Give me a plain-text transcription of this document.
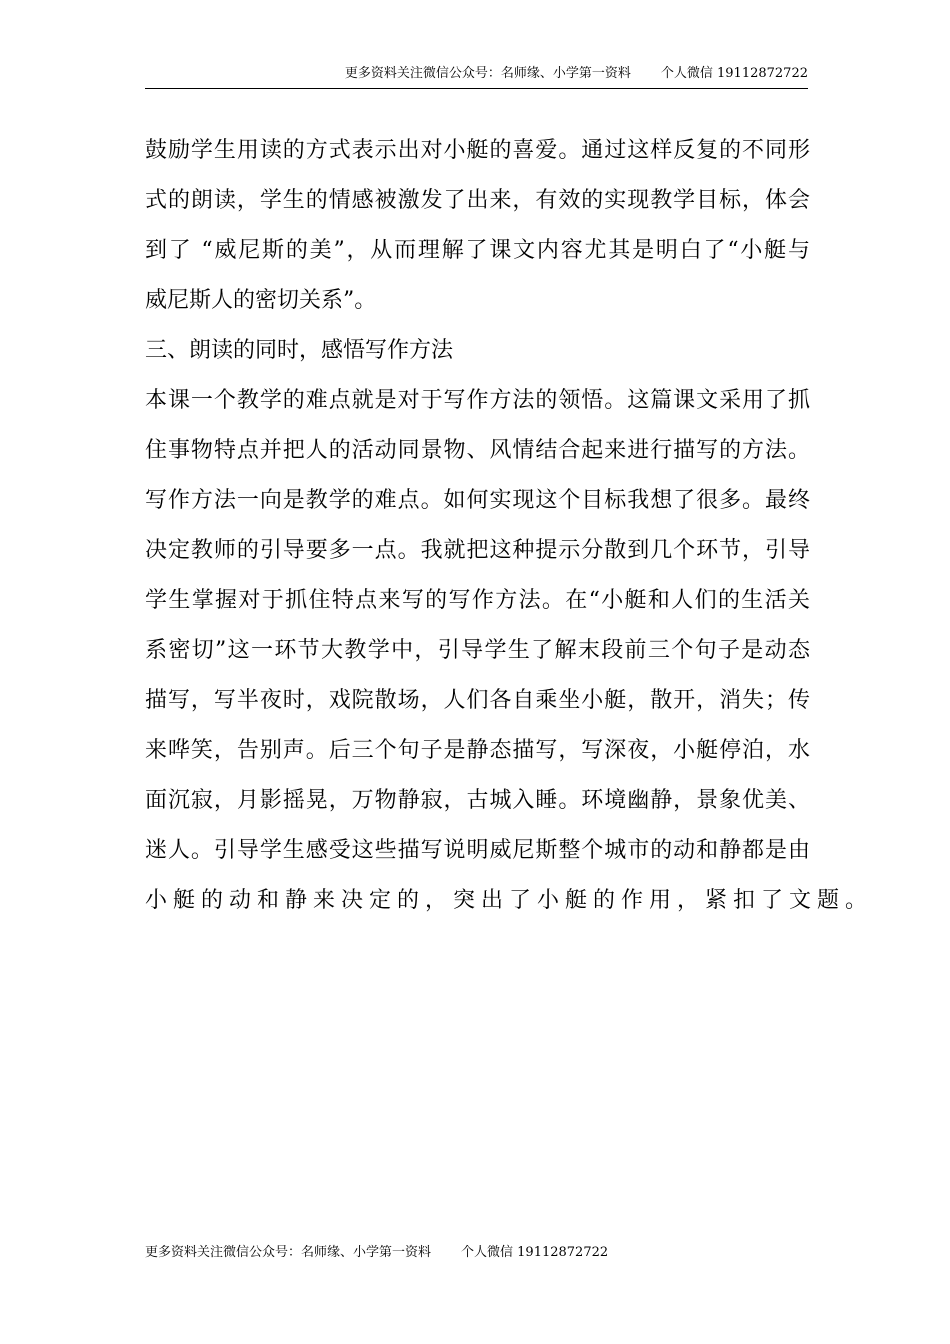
更多资料关注微信公众号：名师缘、小学第一资料 个人微信 19112872722
鼓励学生用读的方式表示出对小艇的喜爱。通过这样反复的不同形
式的朗读，学生的情感被激发了出来，有效的实现教学目标，体会
到了 “威尼斯的美”，从而理解了课文内容尤其是明白了“小艇与
威尼斯人的密切关系”。
三、朗读的同时，感悟写作方法
本课一个教学的难点就是对于写作方法的领悟。这篇课文采用了抓
住事物特点并把人的活动同景物、风情结合起来进行描写的方法。
写作方法一向是教学的难点。如何实现这个目标我想了很多。最终
决定教师的引导要多一点。我就把这种提示分散到几个环节，引导
学生掌握对于抓住特点来写的写作方法。在“小艇和人们的生活关
系密切”这一环节大教学中，引导学生了解末段前三个句子是动态
描写，写半夜时，戏院散场，人们各自乘坐小艇，散开，消失；传
来哗笑，告别声。后三个句子是静态描写，写深夜，小艇停泊，水
面沉寂，月影摇晃，万物静寂，古城入睡。环境幽静，景象优美、
迷人。引导学生感受这些描写说明威尼斯整个城市的动和静都是由
小艇的动和静来决定的，突出了小艇的作用，紧扣了文题。
更多资料关注微信公众号：名师缘、小学第一资料 个人微信 19112872722
